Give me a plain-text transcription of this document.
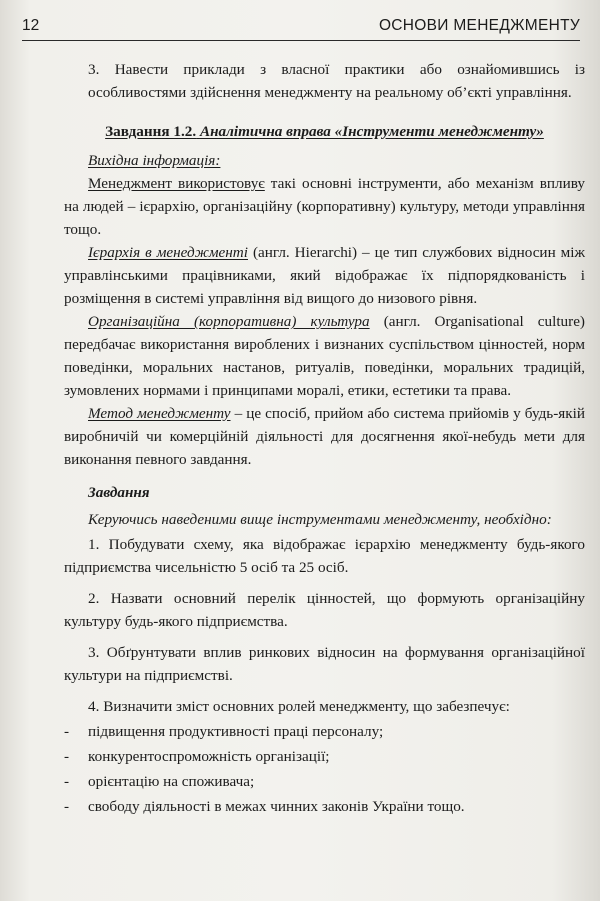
12	ОСНОВИ МЕНЕДЖМЕНТУ

3. Навести приклади з власної практики або ознайомившись із особливостями здійснення менеджменту на реальному об’єкті управління.

Завдання 1.2. Аналітична вправа «Інструменти менеджменту»

Вихідна інформація:

Менеджмент використовує такі основні інструменти, або механізм впливу на людей – ієрархію, організаційну (корпоративну) культуру, методи управління тощо.

Ієрархія в менеджменті (англ. Hierarchi) – це тип службових відносин між управлінськими працівниками, який відображає їх підпорядкованість і розміщення в системі управління від вищого до низового рівня.

Організаційна (корпоративна) культура (англ. Organisational culture) передбачає використання вироблених і визнаних суспільством цінностей, норм поведінки, моральних настанов, ритуалів, поведінки, моральних традицій, зумовлених нормами і принципами моралі, етики, естетики та права.

Метод менеджменту – це спосіб, прийом або система прийомів у будь-якій виробничій чи комерційній діяльності для досягнення якої-небудь мети для виконання певного завдання.

Завдання

Керуючись наведеними вище інструментами менеджменту, необхідно:

1. Побудувати схему, яка відображає ієрархію менеджменту будь-якого підприємства чисельністю 5 осіб та 25 осіб.

2. Назвати основний перелік цінностей, що формують організаційну культуру будь-якого підприємства.

3. Обґрунтувати вплив ринкових відносин на формування організаційної культури на підприємстві.

4. Визначити зміст основних ролей менеджменту, що забезпечує:

- підвищення продуктивності праці персоналу;
- конкурентоспроможність організації;
- орієнтацію на споживача;
- свободу діяльності в межах чинних законів України тощо.
